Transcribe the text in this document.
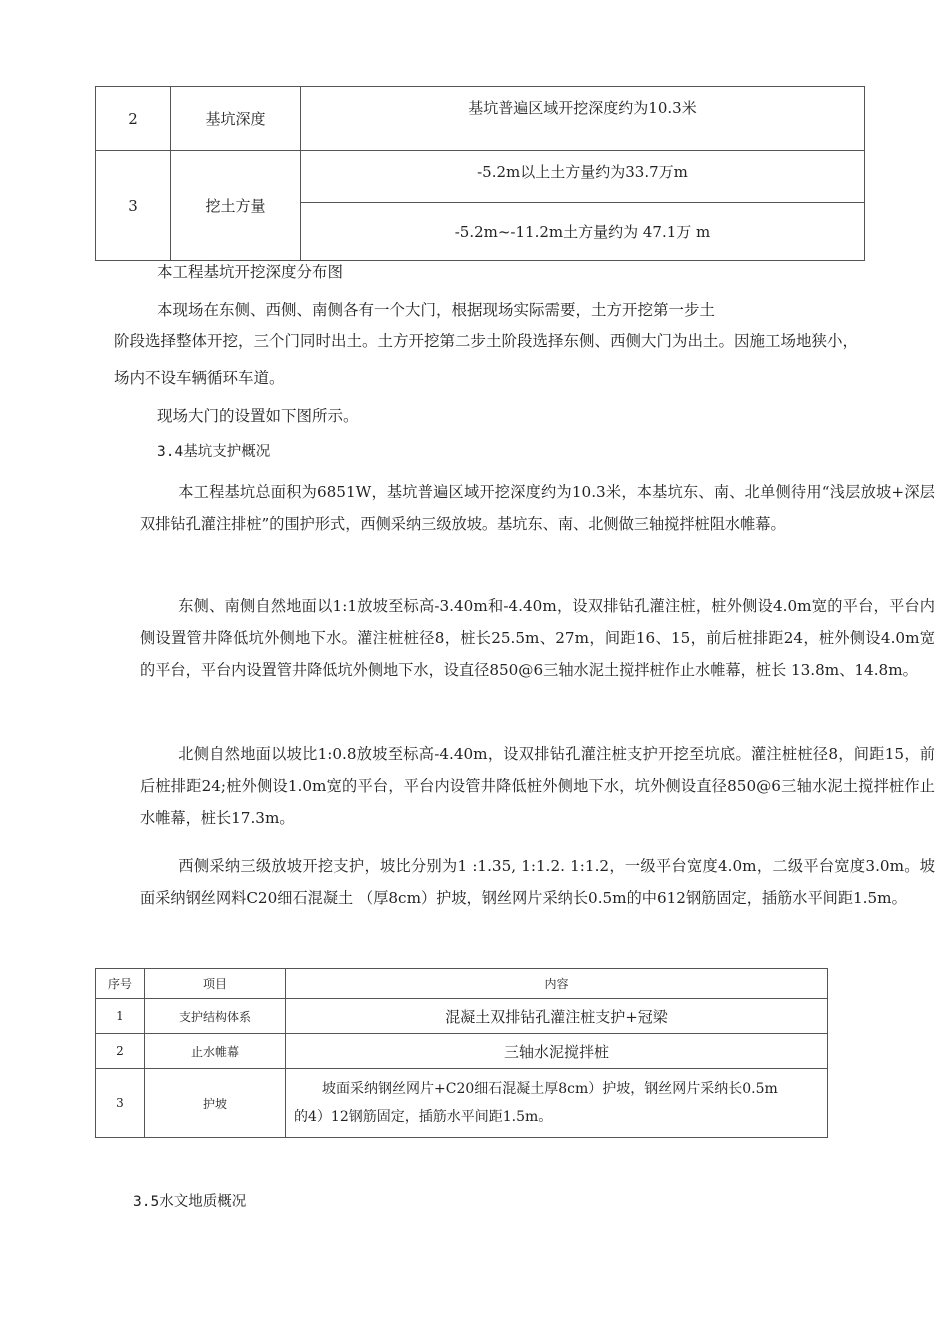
2	基坑深度	基坑普遍区域开挖深度约为10.3米
3	挖土方量	-5.2m以上土方量约为33.7万m
		-5.2m~-11.2m土方量约为 47.1万 m
本工程基坑开挖深度分布图
本现场在东侧、西侧、南侧各有一个大门，根据现场实际需要，土方开挖第一步土
阶段选择整体开挖，三个门同时出土。土方开挖第二步土阶段选择东侧、西侧大门为出土。因施工场地狭小，
场内不设车辆循环车道。
现场大门的设置如下图所示。
3.4基坑支护概况
本工程基坑总面积为6851W，基坑普遍区域开挖深度约为10.3米，本基坑东、南、北单侧待用“浅层放坡+深层双排钻孔灌注排桩”的围护形式，西侧采纳三级放坡。基坑东、南、北侧做三轴搅拌桩阻水帷幕。
东侧、南侧自然地面以1:1放坡至标高-3.40m和-4.40m，设双排钻孔灌注桩，桩外侧设4.0m宽的平台，平台内侧设置管井降低坑外侧地下水。灌注桩桩径8，桩长25.5m、27m，间距16、15，前后桩排距24，桩外侧设4.0m宽的平台，平台内设置管井降低坑外侧地下水，设直径850@6三轴水泥土搅拌桩作止水帷幕，桩长 13.8m、14.8m。
北侧自然地面以坡比1:0.8放坡至标高-4.40m，设双排钻孔灌注桩支护开挖至坑底。灌注桩桩径8，间距15，前后桩排距24;桩外侧设1.0m宽的平台，平台内设管井降低桩外侧地下水，坑外侧设直径850@6三轴水泥土搅拌桩作止水帷幕，桩长17.3m。
西侧采纳三级放坡开挖支护，坡比分别为1 :1.35, 1:1.2. 1:1.2，一级平台宽度4.0m，二级平台宽度3.0m。坡面采纳钢丝网料C20细石混凝土 （厚8cm）护坡，钢丝网片采纳长0.5m的中612钢筋固定，插筋水平间距1.5m。
序号	项目	内容
1	支护结构体系	混凝土双排钻孔灌注桩支护+冠梁
2	止水帷幕	三轴水泥搅拌桩
3	护坡	坡面采纳钢丝网片+C20细石混凝土厚8cm）护坡，钢丝网片采纳长0.5m
的4）12钢筋固定，插筋水平间距1.5m。
3.5水文地质概况
